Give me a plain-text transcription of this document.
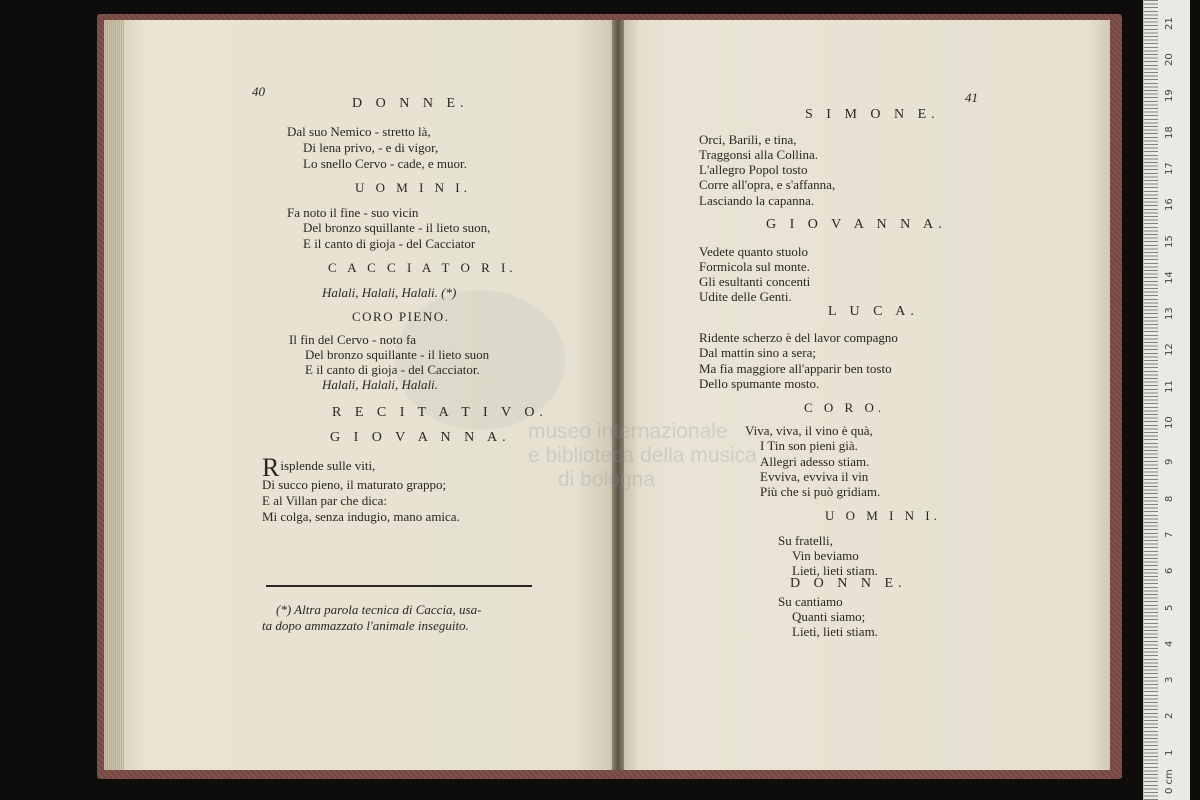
museo internazionale
e biblioteca della musica
di bologna
40
D O N N E.
Dal suo Nemico - stretto là,
Di lena privo, - e di vigor,
Lo snello Cervo - cade, e muor.
U O M I N I.
Fa noto il fine - suo vicin
Del bronzo squillante - il lieto suon,
E il canto di gioja - del Cacciator
C A C C I A T O R I.
Halali, Halali, Halali. (*)
CORO PIENO.
Il fin del Cervo - noto fa
Del bronzo squillante - il lieto suon
E il canto di gioja - del Cacciator.
Halali, Halali, Halali.
R E C I T A T I V O.
G I O V A N N A.
Risplende sulle viti,
Di succo pieno, il maturato grappo;
E al Villan par che dica:
Mi colga, senza indugio, mano amica.
(*) Altra parola tecnica di Caccia, usa-
ta dopo ammazzato l'animale inseguito.
41
S I M O N E.
Orci, Barili, e tina,
Traggonsi alla Collina.
L'allegro Popol tosto
Corre all'opra, e s'affanna,
Lasciando la capanna.
G I O V A N N A.
Vedete quanto stuolo
Formicola sul monte.
Gli esultanti concenti
Udite delle Genti.
L U C A.
Ridente scherzo è del lavor compagno
Dal mattin sino a sera;
Ma fia maggiore all'apparir ben tosto
Dello spumante mosto.
C O R O.
Viva, viva, il vino è quà,
I Tin son pieni già.
Allegri adesso stiam.
Evviva, evviva il vin
Più che si può gridiam.
U O M I N I.
Su fratelli,
Vin beviamo
Lieti, lieti stiam.
D O N N E.
Su cantiamo
Quanti siamo;
Lieti, lieti stiam.
0 cm
1
2
3
4
5
6
7
8
9
10
11
12
13
14
15
16
17
18
19
20
21
